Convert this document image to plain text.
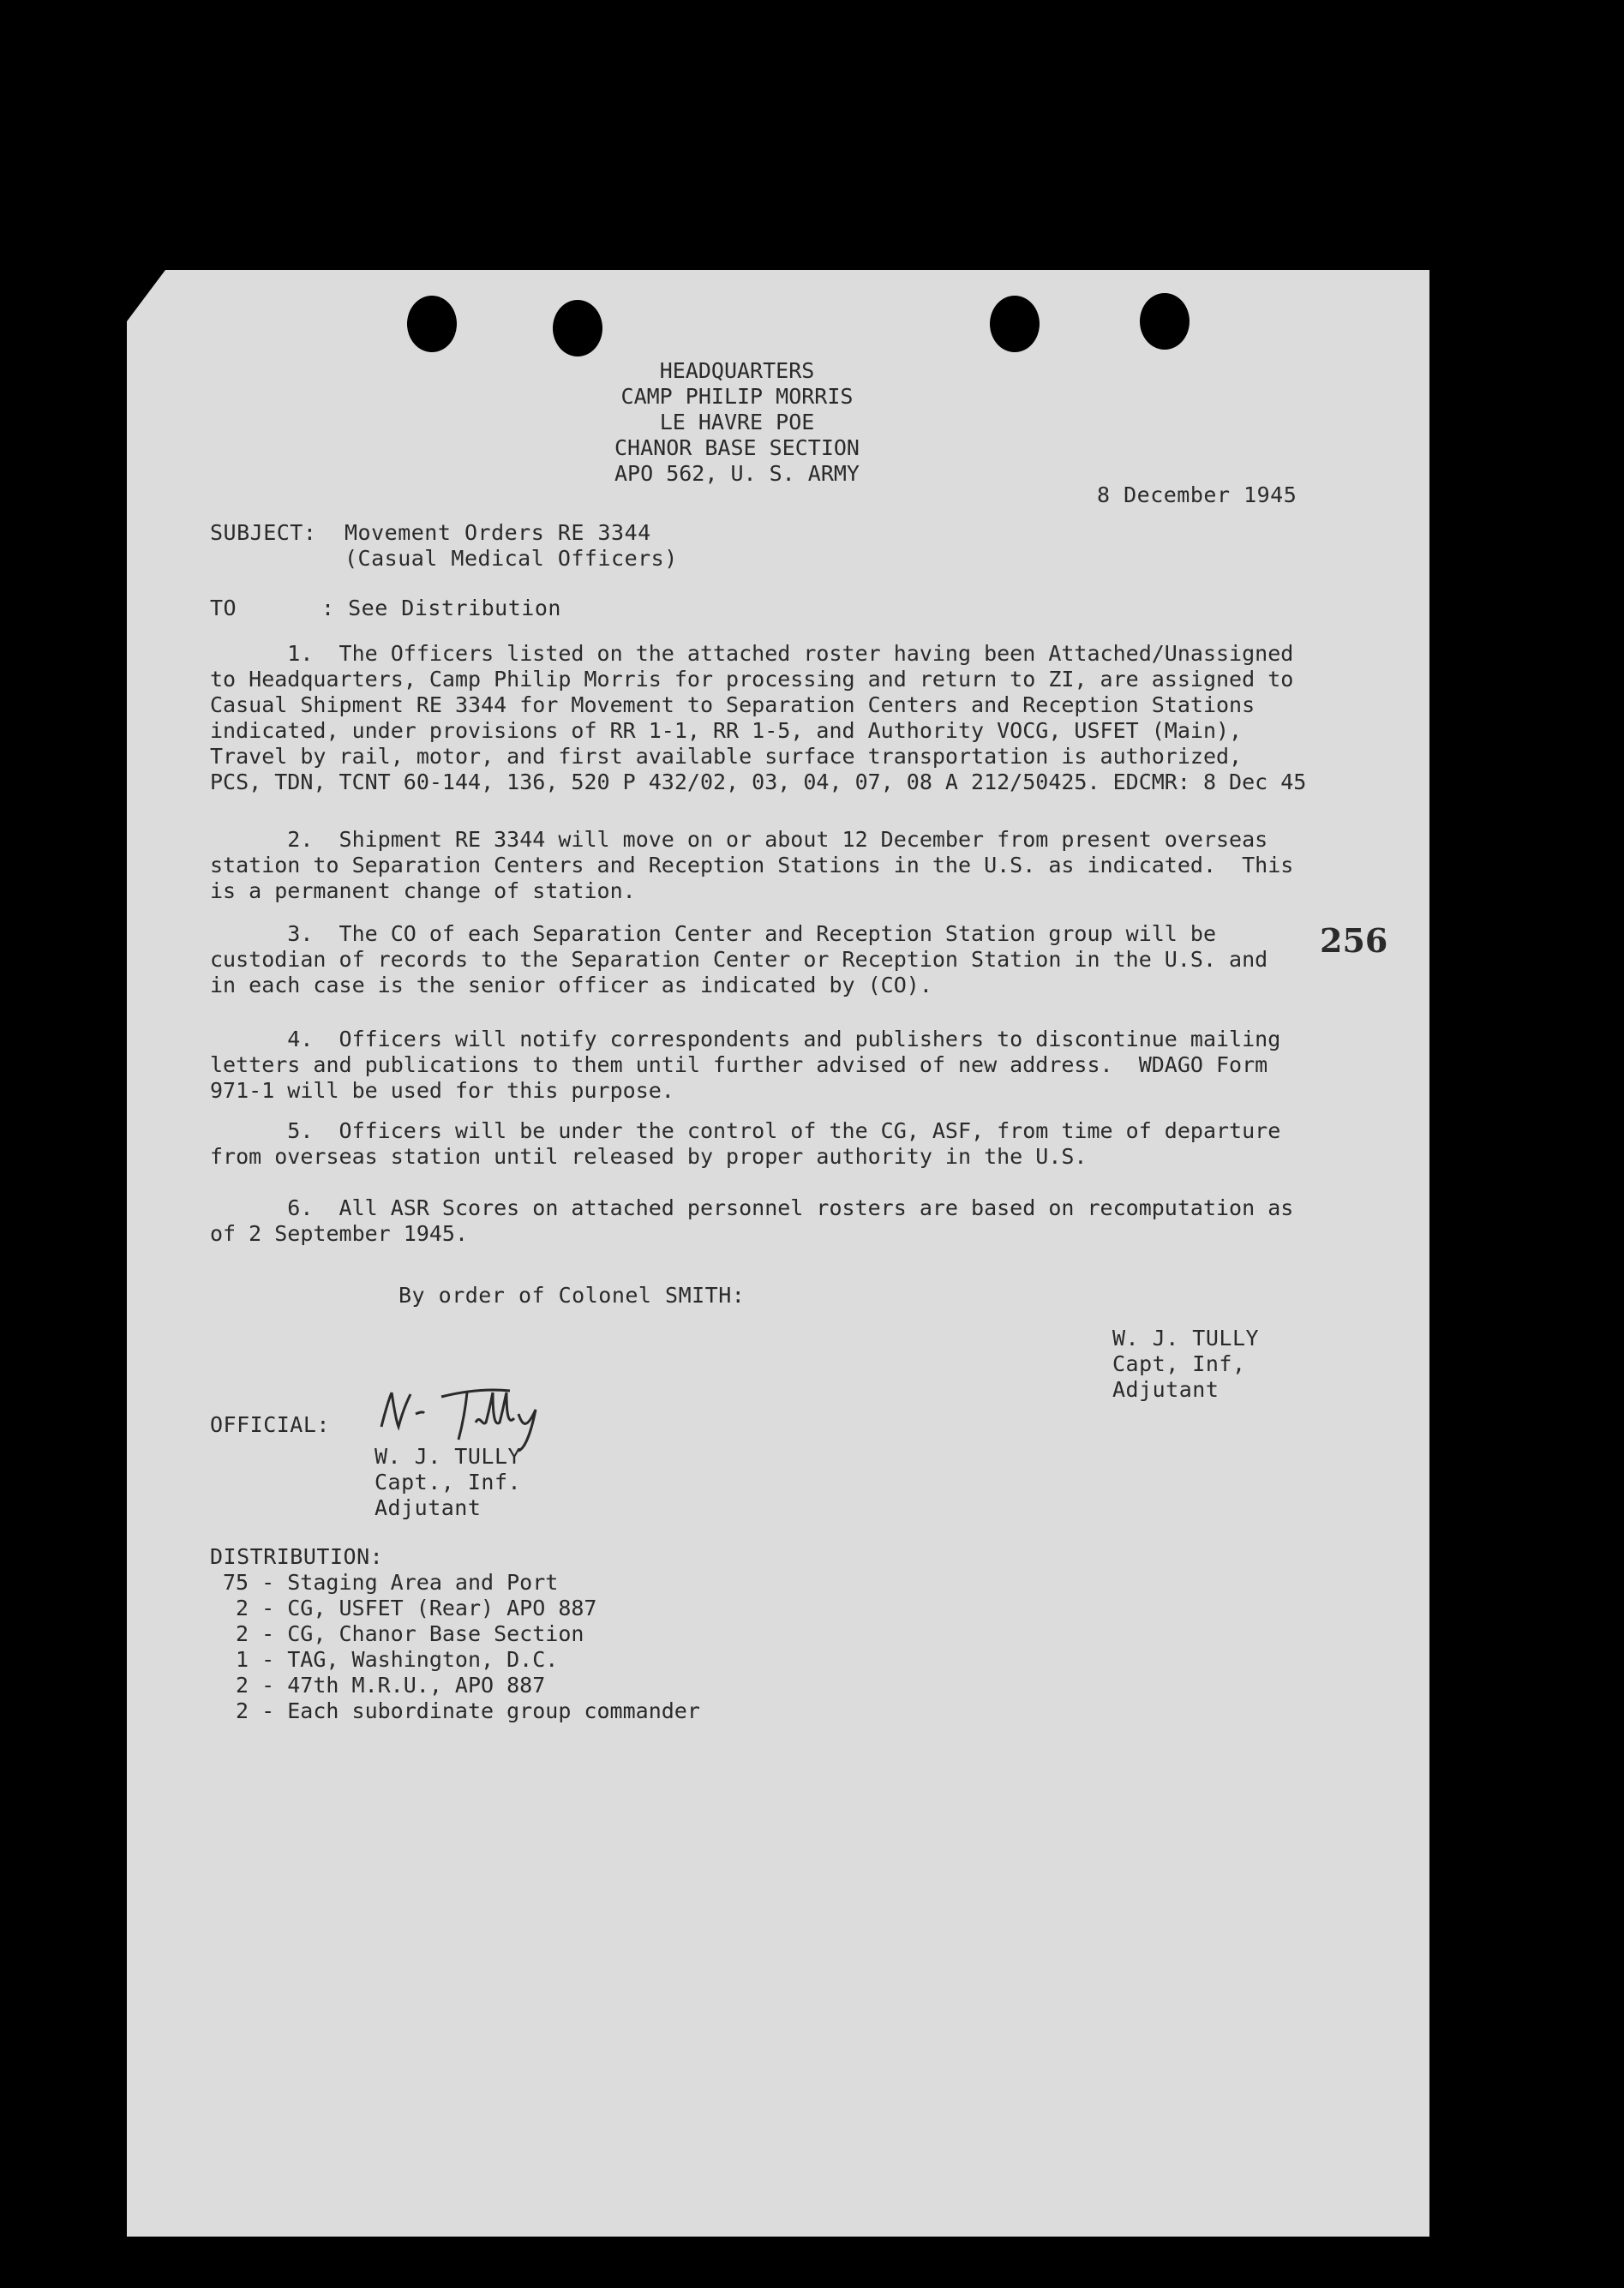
HEADQUARTERS
CAMP PHILIP MORRIS
LE HAVRE POE
CHANOR BASE SECTION
APO 562, U. S. ARMY
8 December 1945
SUBJECT: Movement Orders RE 3344
(Casual Medical Officers)
TO	: See Distribution
1.  The Officers listed on the attached roster having been Attached/Unassigned
to Headquarters, Camp Philip Morris for processing and return to ZI, are assigned to
Casual Shipment RE 3344 for Movement to Separation Centers and Reception Stations
indicated, under provisions of RR 1-1, RR 1-5, and Authority VOCG, USFET (Main),
Travel by rail, motor, and first available surface transportation is authorized,
PCS, TDN, TCNT 60-144, 136, 520 P 432/02, 03, 04, 07, 08 A 212/50425. EDCMR: 8 Dec 45
2.  Shipment RE 3344 will move on or about 12 December from present overseas
station to Separation Centers and Reception Stations in the U.S. as indicated.  This
is a permanent change of station.
3.  The CO of each Separation Center and Reception Station group will be
custodian of records to the Separation Center or Reception Station in the U.S. and
in each case is the senior officer as indicated by (CO).
256
4.  Officers will notify correspondents and publishers to discontinue mailing
letters and publications to them until further advised of new address.  WDAGO Form
971-1 will be used for this purpose.
5.  Officers will be under the control of the CG, ASF, from time of departure
from overseas station until released by proper authority in the U.S.
6.  All ASR Scores on attached personnel rosters are based on recomputation as
of 2 September 1945.
By order of Colonel SMITH:
W. J. TULLY
Capt, Inf,
Adjutant
OFFICIAL:
W. J. TULLY
Capt., Inf.
Adjutant
DISTRIBUTION:
75 - Staging Area and Port
2 - CG, USFET (Rear) APO 887
2 - CG, Chanor Base Section
1 - TAG, Washington, D.C.
2 - 47th M.R.U., APO 887
2 - Each subordinate group commander
